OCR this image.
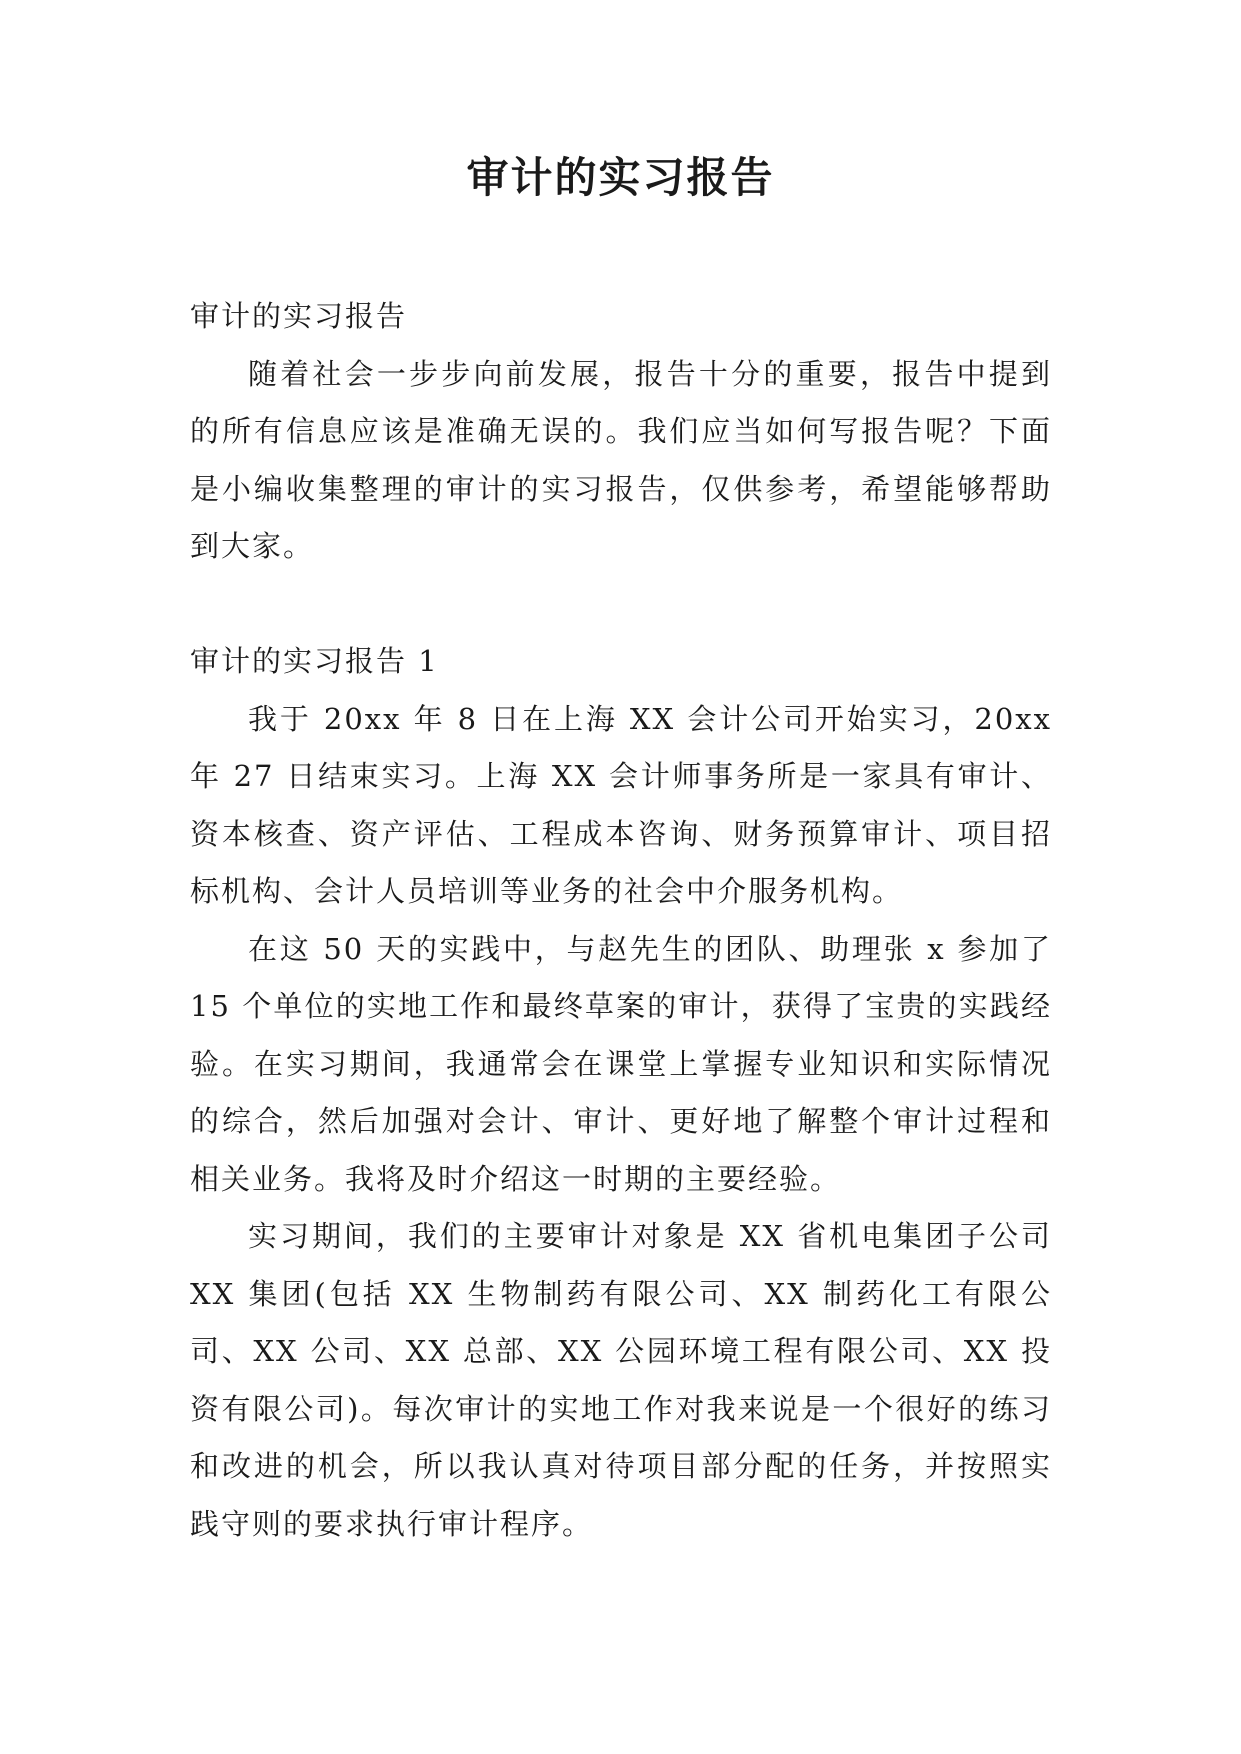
审计的实习报告

审计的实习报告

随着社会一步步向前发展，报告十分的重要，报告中提到的所有信息应该是准确无误的。我们应当如何写报告呢？下面是小编收集整理的审计的实习报告，仅供参考，希望能够帮助到大家。

审计的实习报告 1

我于 20xx 年 8 日在上海 XX 会计公司开始实习，20xx 年 27 日结束实习。上海 XX 会计师事务所是一家具有审计、资本核查、资产评估、工程成本咨询、财务预算审计、项目招标机构、会计人员培训等业务的社会中介服务机构。

在这 50 天的实践中，与赵先生的团队、助理张 x 参加了 15 个单位的实地工作和最终草案的审计，获得了宝贵的实践经验。在实习期间，我通常会在课堂上掌握专业知识和实际情况的综合，然后加强对会计、审计、更好地了解整个审计过程和相关业务。我将及时介绍这一时期的主要经验。

实习期间，我们的主要审计对象是 XX 省机电集团子公司 XX 集团(包括 XX 生物制药有限公司、XX 制药化工有限公司、XX 公司、XX 总部、XX 公园环境工程有限公司、XX 投资有限公司)。每次审计的实地工作对我来说是一个很好的练习和改进的机会，所以我认真对待项目部分配的任务，并按照实践守则的要求执行审计程序。
